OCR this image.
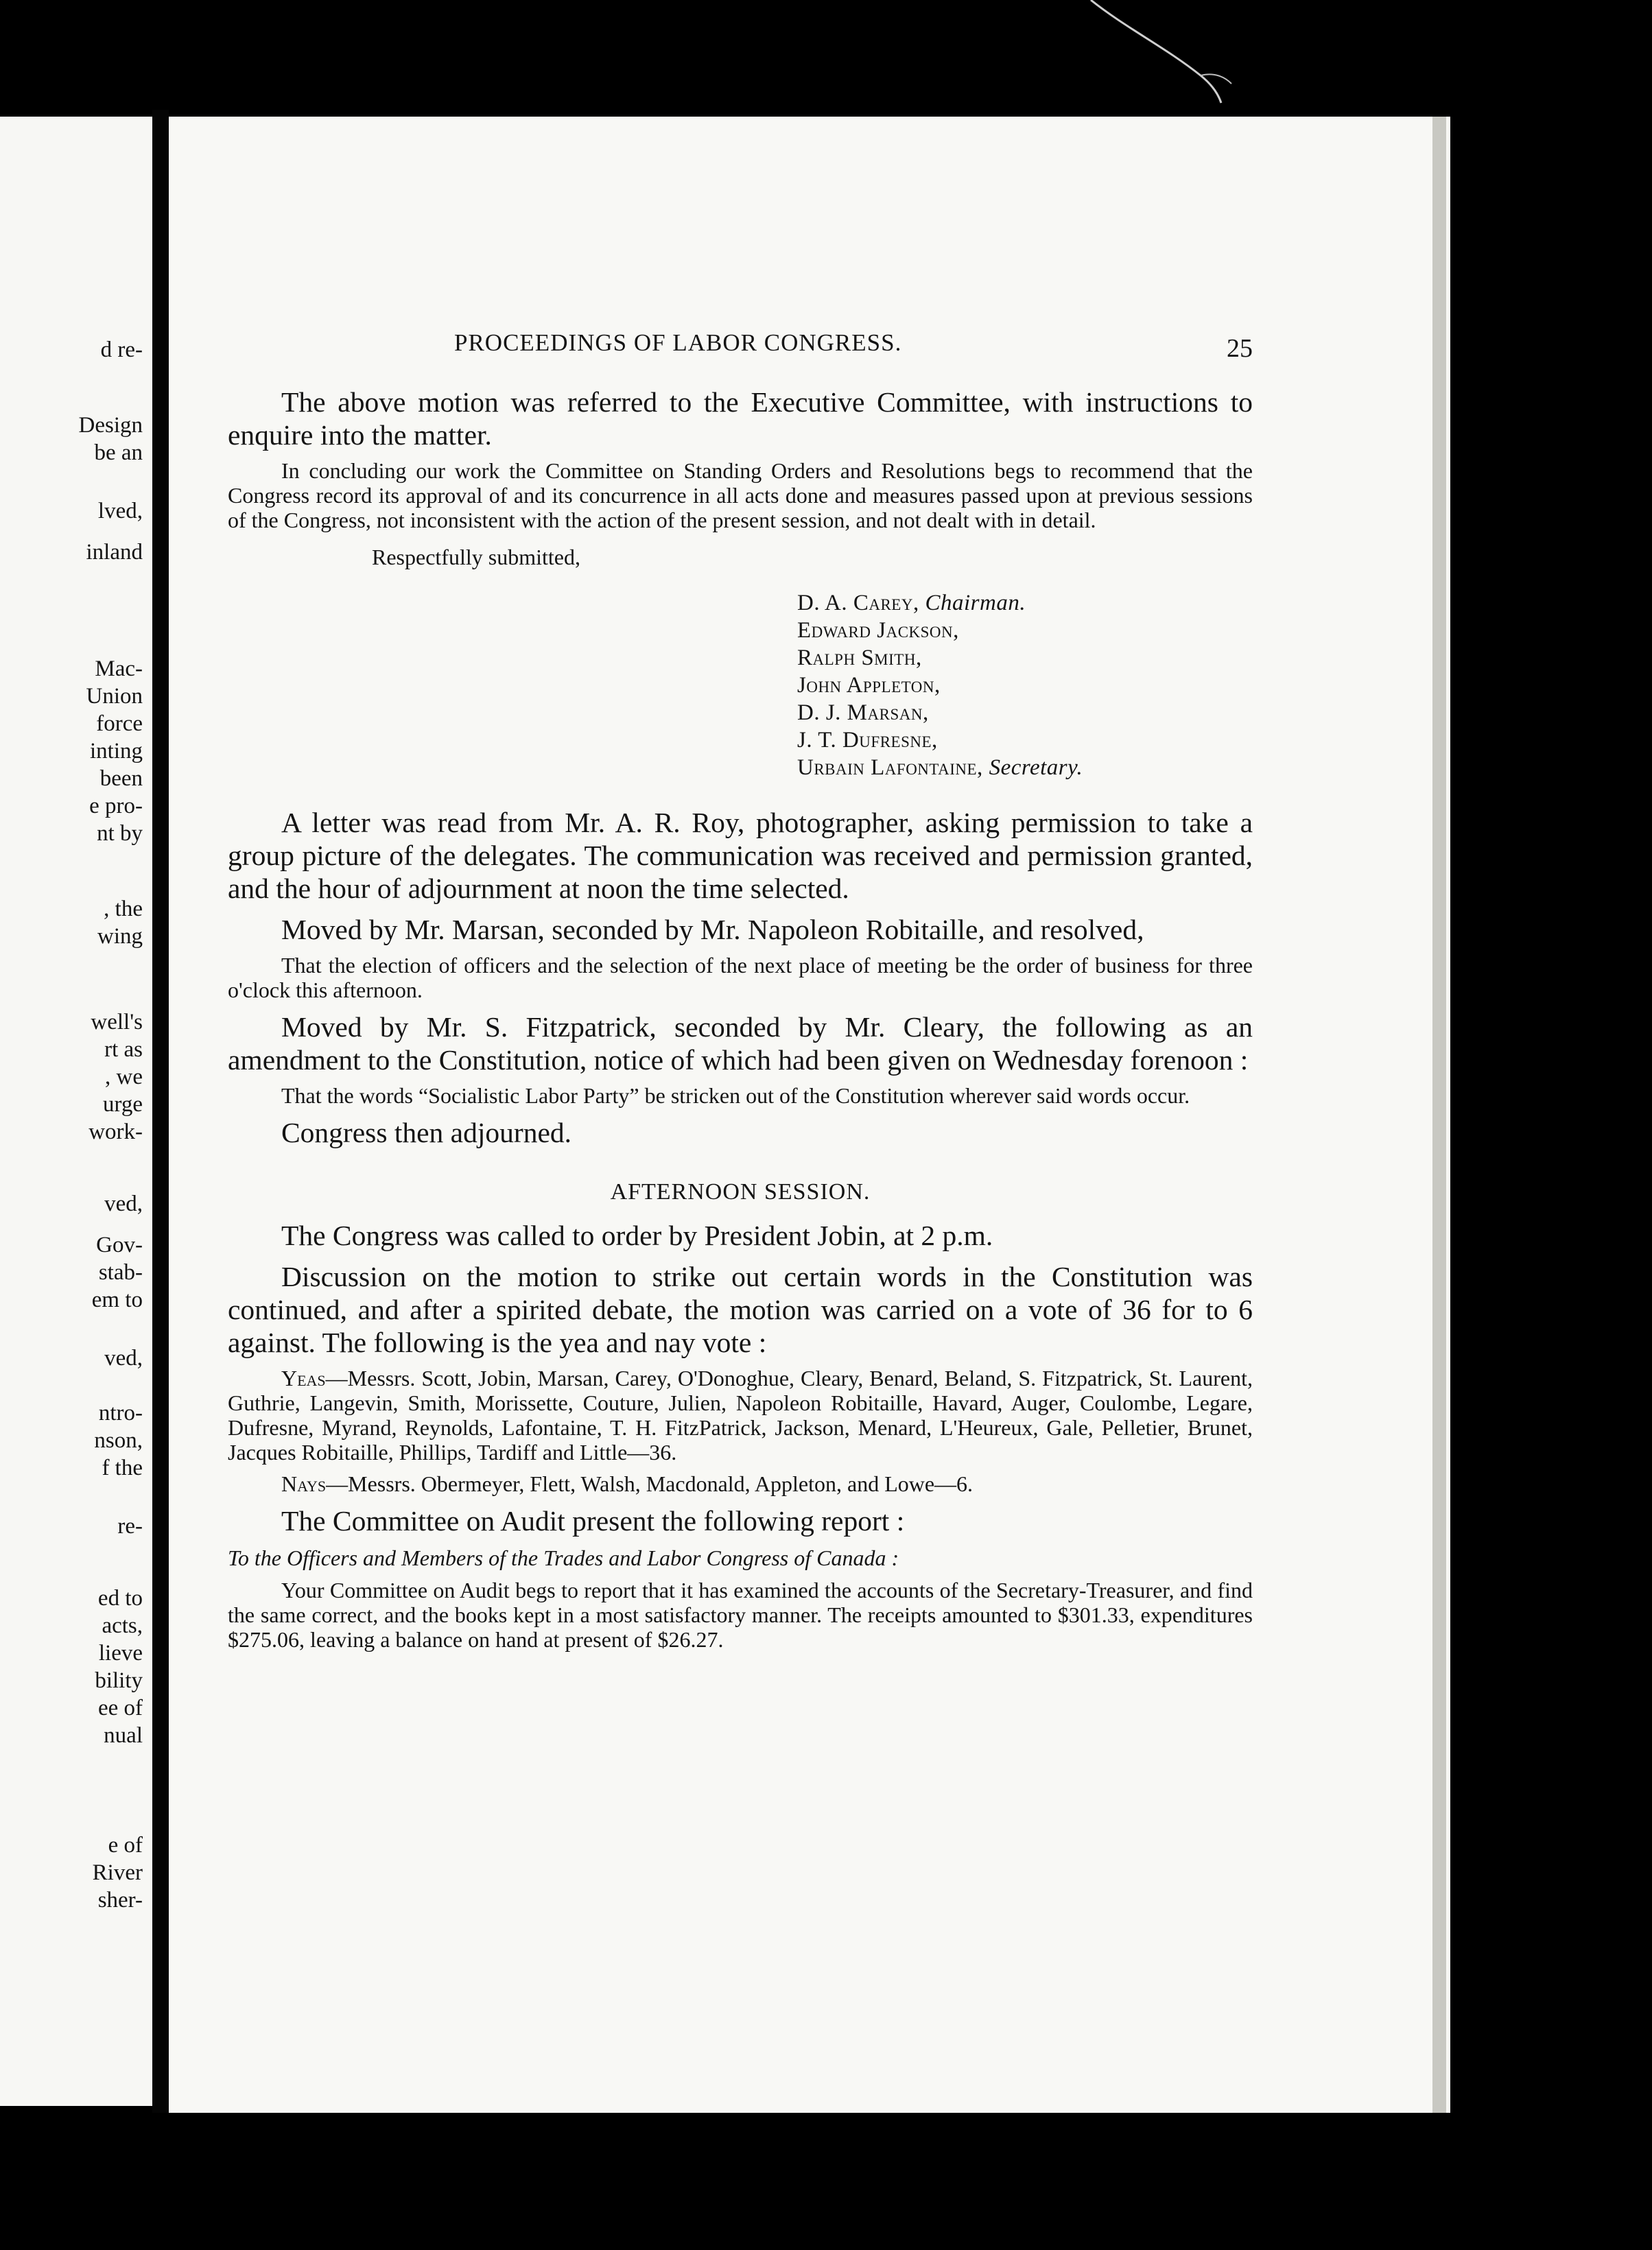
d re-
Design
be an
lved,
inland
Mac-
Union
force
inting
been
e pro-
nt by
, the
wing
well's
rt as
, we
urge
work-
ved,
Gov-
stab-
em to
ved,
ntro-
nson,
f the
re-
ed to
acts,
lieve
bility
ee of
nual
e of
River
sher-
PROCEEDINGS OF LABOR CONGRESS.	25

The above motion was referred to the Executive Committee, with instructions to enquire into the matter.

In concluding our work the Committee on Standing Orders and Resolutions begs to recommend that the Congress record its approval of and its concurrence in all acts done and measures passed upon at previous sessions of the Congress, not inconsistent with the action of the present session, and not dealt with in detail.

Respectfully submitted,

D. A. Carey, Chairman.
Edward Jackson,
Ralph Smith,
John Appleton,
D. J. Marsan,
J. T. Dufresne,
Urbain Lafontaine, Secretary.

A letter was read from Mr. A. R. Roy, photographer, asking permission to take a group picture of the delegates. The communication was received and permission granted, and the hour of adjournment at noon the time selected.

Moved by Mr. Marsan, seconded by Mr. Napoleon Robitaille, and resolved,

That the election of officers and the selection of the next place of meeting be the order of business for three o'clock this afternoon.

Moved by Mr. S. Fitzpatrick, seconded by Mr. Cleary, the following as an amendment to the Constitution, notice of which had been given on Wednesday forenoon :

That the words “Socialistic Labor Party” be stricken out of the Constitution wherever said words occur.

Congress then adjourned.

AFTERNOON SESSION.

The Congress was called to order by President Jobin, at 2 p.m.

Discussion on the motion to strike out certain words in the Constitution was continued, and after a spirited debate, the motion was carried on a vote of 36 for to 6 against. The following is the yea and nay vote :

Yeas—Messrs. Scott, Jobin, Marsan, Carey, O'Donoghue, Cleary, Benard, Beland, S. Fitzpatrick, St. Laurent, Guthrie, Langevin, Smith, Morissette, Couture, Julien, Napoleon Robitaille, Havard, Auger, Coulombe, Legare, Dufresne, Myrand, Reynolds, Lafontaine, T. H. FitzPatrick, Jackson, Menard, L'Heureux, Gale, Pelletier, Brunet, Jacques Robitaille, Phillips, Tardiff and Little—36.

Nays—Messrs. Obermeyer, Flett, Walsh, Macdonald, Appleton, and Lowe—6.

The Committee on Audit present the following report :

To the Officers and Members of the Trades and Labor Congress of Canada :

Your Committee on Audit begs to report that it has examined the accounts of the Secretary-Treasurer, and find the same correct, and the books kept in a most satisfactory manner. The receipts amounted to $301.33, expenditures $275.06, leaving a balance on hand at present of $26.27.
